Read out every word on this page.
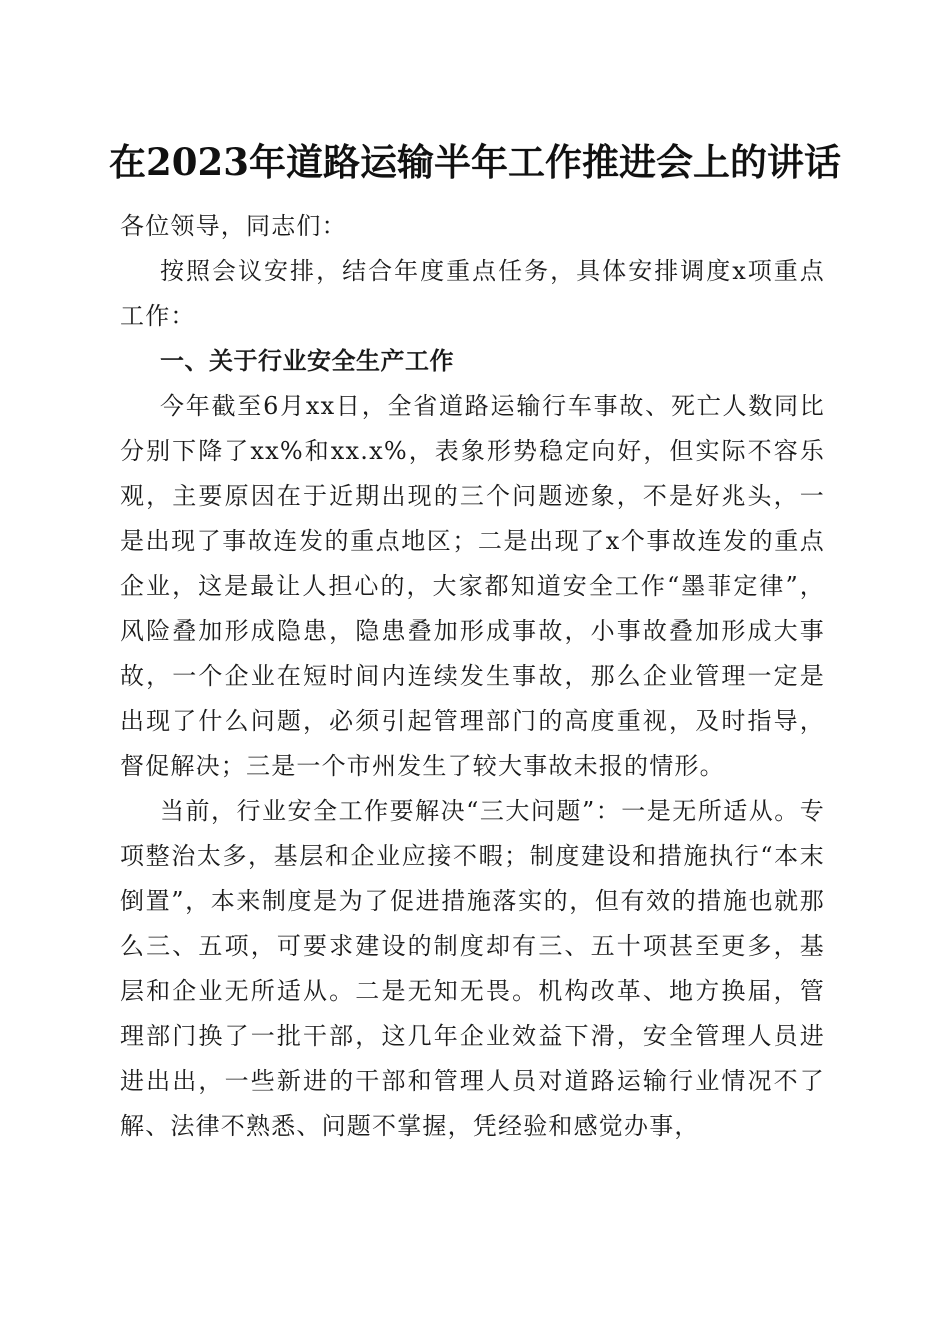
在2023年道路运输半年工作推进会上的讲话

各位领导，同志们：

按照会议安排，结合年度重点任务，具体安排调度x项重点工作：

一、关于行业安全生产工作

今年截至6月xx日，全省道路运输行车事故、死亡人数同比分别下降了xx%和xx.x%，表象形势稳定向好，但实际不容乐观，主要原因在于近期出现的三个问题迹象，不是好兆头，一是出现了事故连发的重点地区；二是出现了x个事故连发的重点企业，这是最让人担心的，大家都知道安全工作“墨菲定律”，风险叠加形成隐患，隐患叠加形成事故，小事故叠加形成大事故，一个企业在短时间内连续发生事故，那么企业管理一定是出现了什么问题，必须引起管理部门的高度重视，及时指导，督促解决；三是一个市州发生了较大事故未报的情形。

当前，行业安全工作要解决“三大问题”：一是无所适从。专项整治太多，基层和企业应接不暇；制度建设和措施执行“本末倒置”，本来制度是为了促进措施落实的，但有效的措施也就那么三、五项，可要求建设的制度却有三、五十项甚至更多，基层和企业无所适从。二是无知无畏。机构改革、地方换届，管理部门换了一批干部，这几年企业效益下滑，安全管理人员进进出出，一些新进的干部和管理人员对道路运输行业情况不了解、法律不熟悉、问题不掌握，凭经验和感觉办事，
